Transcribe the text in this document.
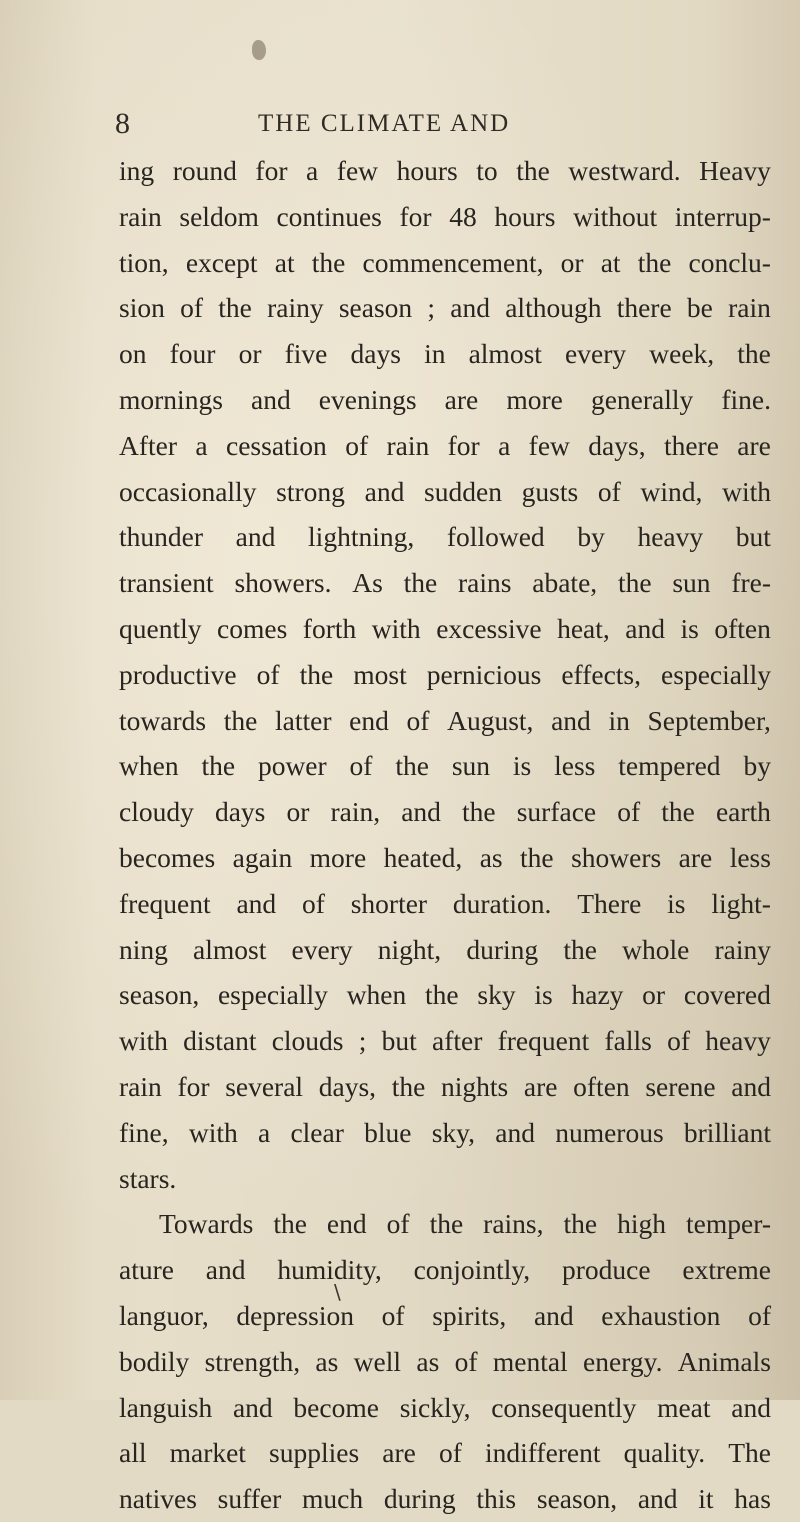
8	THE CLIMATE AND
ing round for a few hours to the westward. Heavy
rain seldom continues for 48 hours without interrup-
tion, except at the commencement, or at the conclu-
sion of the rainy season ; and although there be rain
on four or five days in almost every week, the
mornings and evenings are more generally fine.
After a cessation of rain for a few days, there are
occasionally strong and sudden gusts of wind, with
thunder and lightning, followed by heavy but
transient showers. As the rains abate, the sun fre-
quently comes forth with excessive heat, and is often
productive of the most pernicious effects, especially
towards the latter end of August, and in September,
when the power of the sun is less tempered by
cloudy days or rain, and the surface of the earth
becomes again more heated, as the showers are less
frequent and of shorter duration. There is light-
ning almost every night, during the whole rainy
season, especially when the sky is hazy or covered
with distant clouds ; but after frequent falls of heavy
rain for several days, the nights are often serene and
fine, with a clear blue sky, and numerous brilliant
stars.
Towards the end of the rains, the high temper-
ature and humidity, conjointly, produce extreme
languor, depression of spirits, and exhaustion of
bodily strength, as well as of mental energy. Animals
languish and become sickly, consequently meat and
all market supplies are of indifferent quality. The
natives suffer much during this season, and it has
\
